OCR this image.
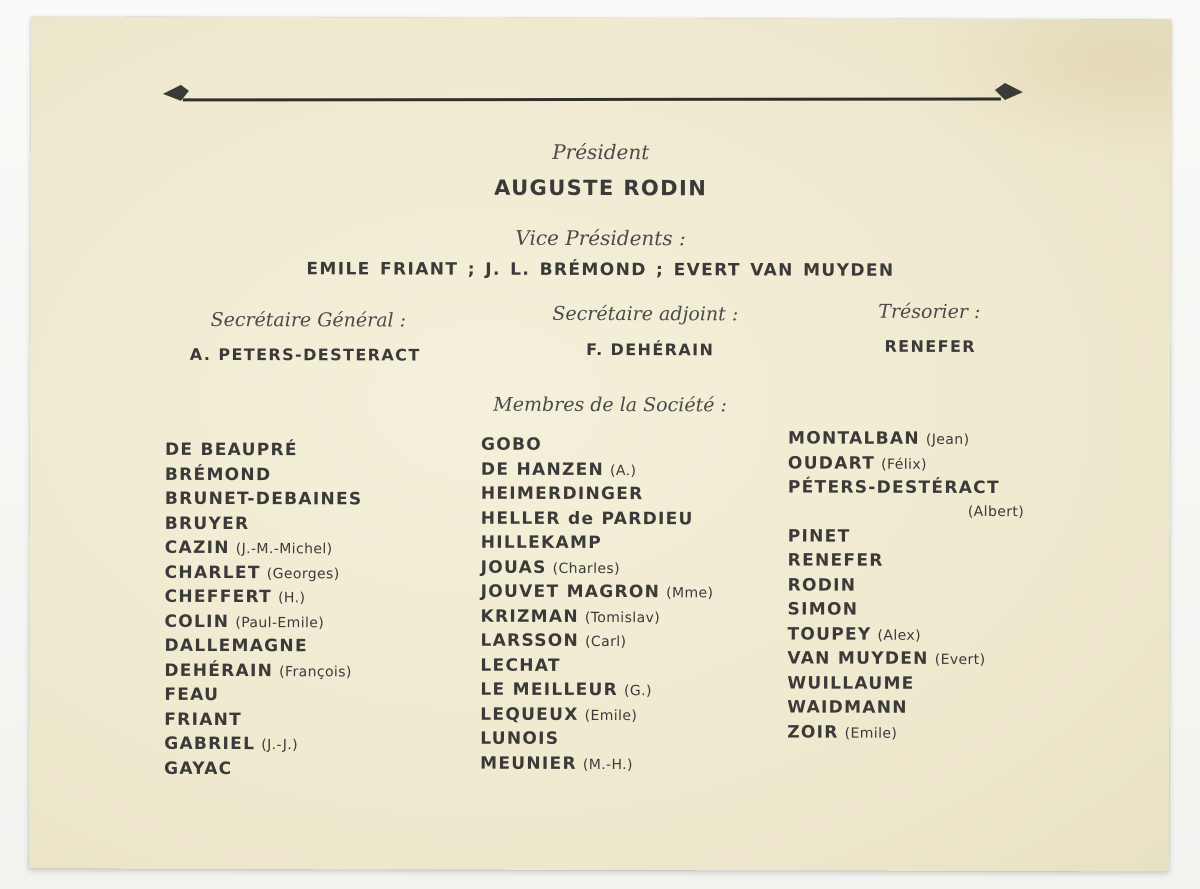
Président
AUGUSTE RODIN
Vice Présidents :
EMILE FRIANT ; J. L. BRÉMOND ; EVERT VAN MUYDEN
Secrétaire Général :
A. PETERS-DESTERACT
Secrétaire adjoint :
F. DEHÉRAIN
Trésorier :
RENEFER
Membres de la Société :
DE BEAUPRÉ
BRÉMOND
BRUNET-DEBAINES
BRUYER
CAZIN (J.-M.-Michel)
CHARLET (Georges)
CHEFFERT (H.)
COLIN (Paul-Emile)
DALLEMAGNE
DEHÉRAIN (François)
FEAU
FRIANT
GABRIEL (J.-J.)
GAYAC
GOBO
DE HANZEN (A.)
HEIMERDINGER
HELLER de PARDIEU
HILLEKAMP
JOUAS (Charles)
JOUVET MAGRON (Mme)
KRIZMAN (Tomislav)
LARSSON (Carl)
LECHAT
LE MEILLEUR (G.)
LEQUEUX (Emile)
LUNOIS
MEUNIER (M.-H.)
MONTALBAN (Jean)
OUDART (Félix)
PÉTERS-DESTÉRACT
(Albert)
PINET
RENEFER
RODIN
SIMON
TOUPEY (Alex)
VAN MUYDEN (Evert)
WUILLAUME
WAIDMANN
ZOIR (Emile)
